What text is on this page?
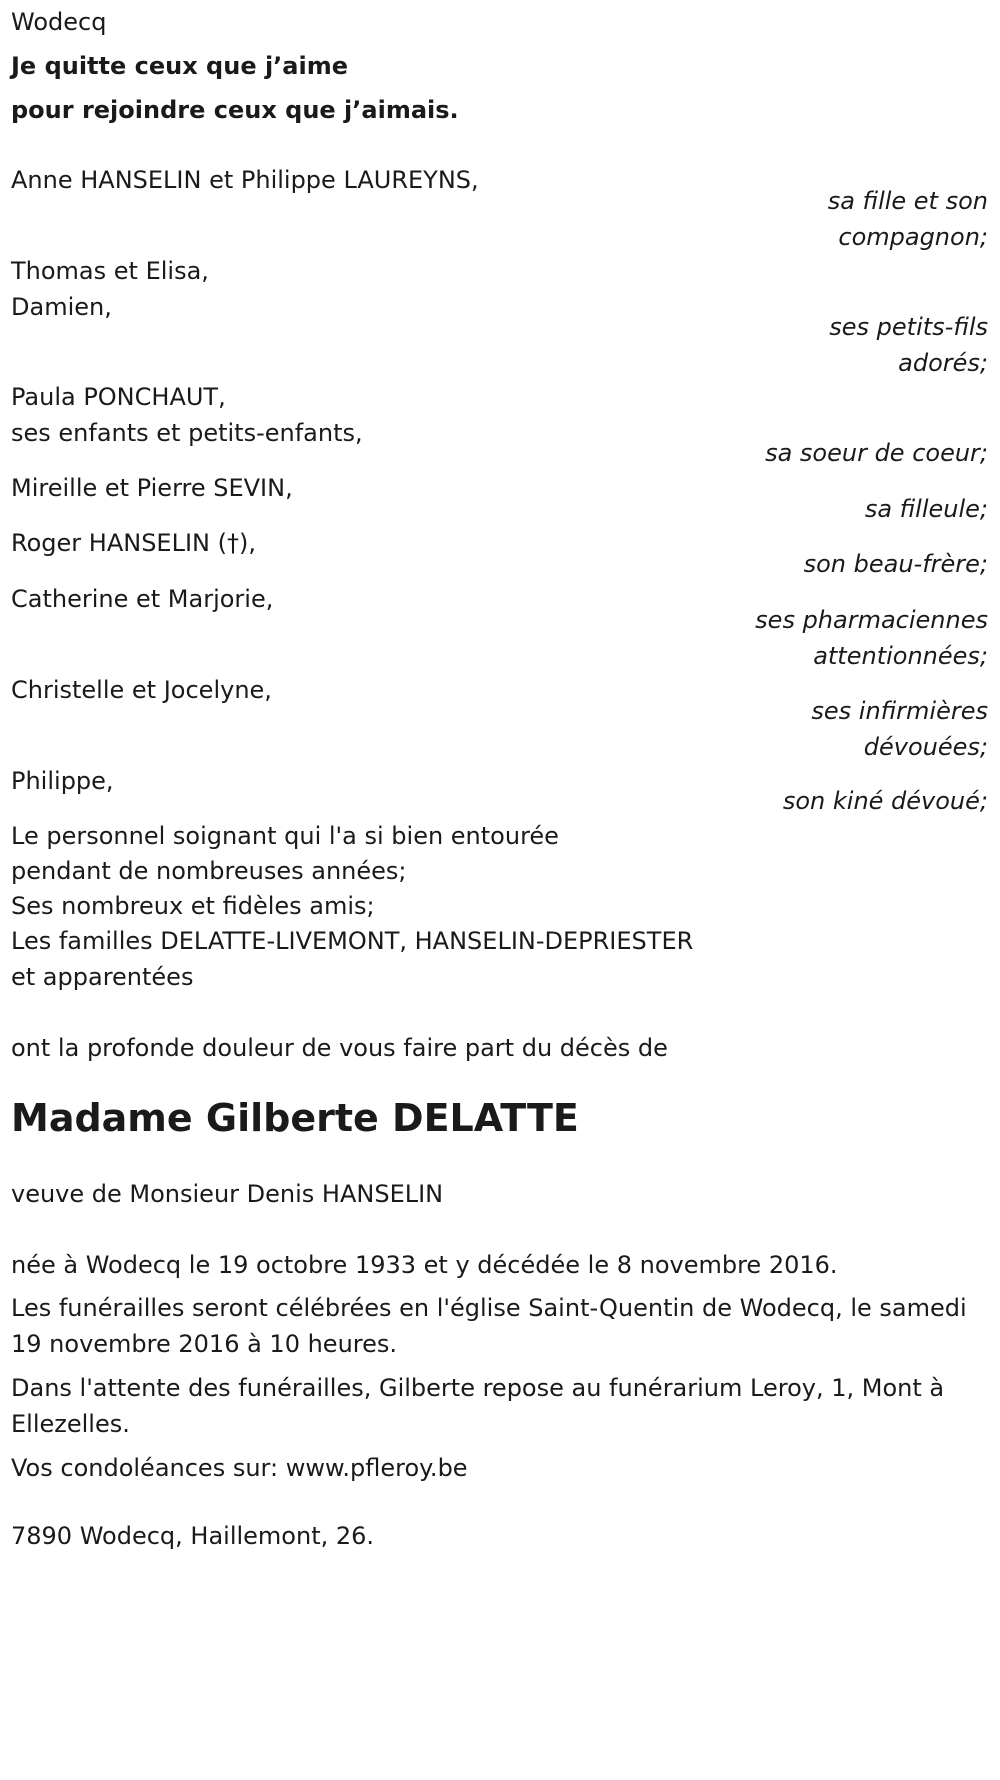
Wodecq
Je quitte ceux que j’aime
pour rejoindre ceux que j’aimais.
Anne HANSELIN et Philippe LAUREYNS,
sa fille et son
compagnon;
Thomas et Elisa,
Damien,
ses petits-fils
adorés;
Paula PONCHAUT,
ses enfants et petits-enfants,
sa soeur de coeur;
Mireille et Pierre SEVIN,
sa filleule;
Roger HANSELIN (†),
son beau-frère;
Catherine et Marjorie,
ses pharmaciennes
attentionnées;
Christelle et Jocelyne,
ses infirmières
dévouées;
Philippe,
son kiné dévoué;
Le personnel soignant qui l'a si bien entourée
pendant de nombreuses années;
Ses nombreux et fidèles amis;
Les familles DELATTE-LIVEMONT, HANSELIN-DEPRIESTER
et apparentées
ont la profonde douleur de vous faire part du décès de
Madame Gilberte DELATTE
veuve de Monsieur Denis HANSELIN
née à Wodecq le 19 octobre 1933 et y décédée le 8 novembre 2016.
Les funérailles seront célébrées en l'église Saint-Quentin de Wodecq, le samedi 19 novembre 2016 à 10 heures.
Dans l'attente des funérailles, Gilberte repose au funérarium Leroy, 1, Mont à Ellezelles.
Vos condoléances sur: www.pfleroy.be
7890 Wodecq, Haillemont, 26.
